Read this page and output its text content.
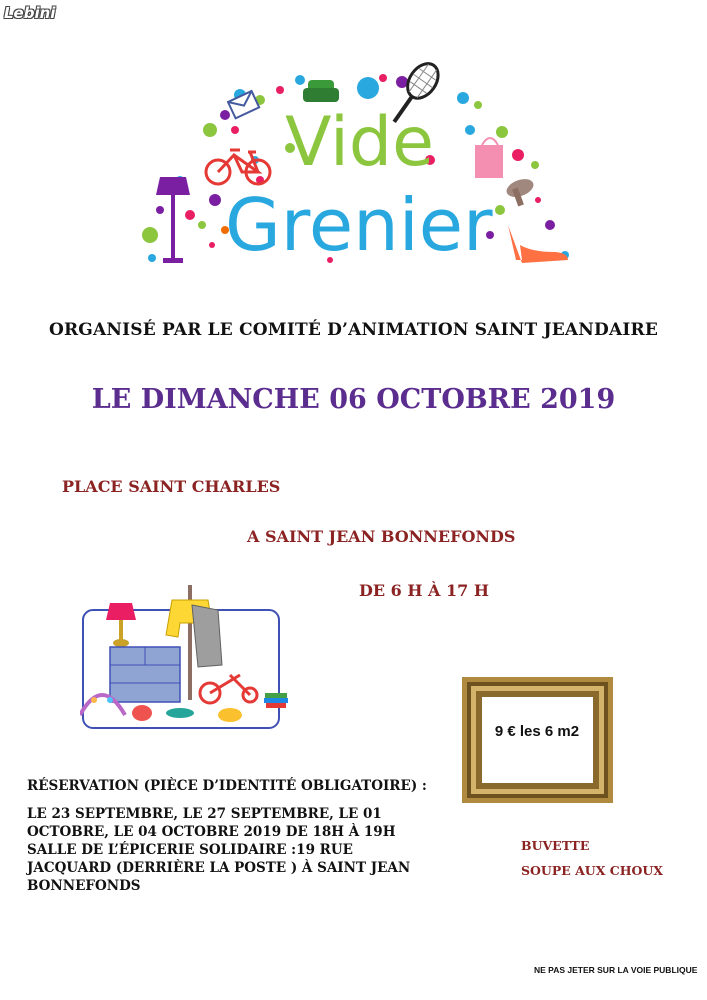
Lebini
Vide
Grenier
ORGANISÉ PAR LE COMITÉ D’ANIMATION SAINT JEANDAIRE
LE DIMANCHE 06 OCTOBRE 2019
PLACE SAINT CHARLES
A SAINT JEAN BONNEFONDS
DE 6 H À 17 H
9 € les 6 m2
RÉSERVATION (PIÈCE D’IDENTITÉ OBLIGATOIRE) :
LE 23 SEPTEMBRE, LE 27 SEPTEMBRE, LE 01 OCTOBRE, LE 04 OCTOBRE 2019 DE 18H À 19H SALLE DE L’ÉPICERIE SOLIDAIRE :19 RUE JACQUARD (DERRIÈRE LA POSTE ) À SAINT JEAN BONNEFONDS
BUVETTE
SOUPE AUX CHOUX
NE PAS JETER SUR LA VOIE PUBLIQUE
